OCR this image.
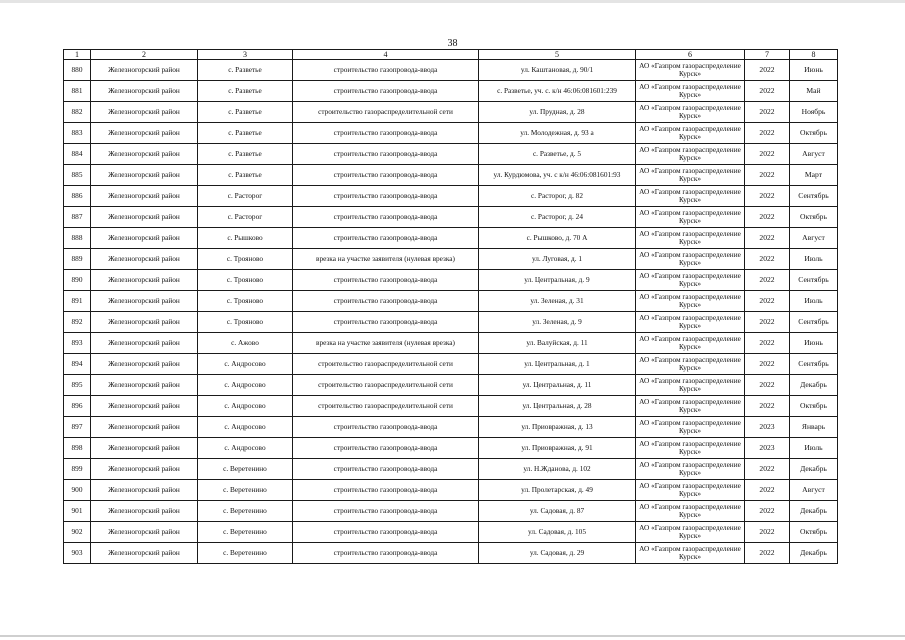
38
1	2	3	4	5	6	7	8
880	Железногорский район	с. Разветье	строительство газопровода-ввода	ул. Каштановая, д. 90/1	АО «Газпром газораспределение Курск»	2022	Июнь
881	Железногорский район	с. Разветье	строительство газопровода-ввода	с. Разветье, уч. с. к/н 46:06:081601:239	АО «Газпром газораспределение Курск»	2022	Май
882	Железногорский район	с. Разветье	строительство газораспределительной сети	ул. Прудная, д. 28	АО «Газпром газораспределение Курск»	2022	Ноябрь
883	Железногорский район	с. Разветье	строительство газопровода-ввода	ул. Молодежная, д. 93 а	АО «Газпром газораспределение Курск»	2022	Октябрь
884	Железногорский район	с. Разветье	строительство газопровода-ввода	с. Разветье, д. 5	АО «Газпром газораспределение Курск»	2022	Август
885	Железногорский район	с. Разветье	строительство газопровода-ввода	ул. Курдюмова, уч. с к/н 46:06:081601:93	АО «Газпром газораспределение Курск»	2022	Март
886	Железногорский район	с. Расторог	строительство газопровода-ввода	с. Расторог, д. 82	АО «Газпром газораспределение Курск»	2022	Сентябрь
887	Железногорский район	с. Расторог	строительство газопровода-ввода	с. Расторог, д. 24	АО «Газпром газораспределение Курск»	2022	Октябрь
888	Железногорский район	с. Рышково	строительство газопровода-ввода	с. Рышково, д. 70 А	АО «Газпром газораспределение Курск»	2022	Август
889	Железногорский район	с. Трояново	врезка на участке заявителя (нулевая врезка)	ул. Луговая, д. 1	АО «Газпром газораспределение Курск»	2022	Июль
890	Железногорский район	с. Трояново	строительство газопровода-ввода	ул. Центральная, д. 9	АО «Газпром газораспределение Курск»	2022	Сентябрь
891	Железногорский район	с. Трояново	строительство газопровода-ввода	ул. Зеленая, д. 31	АО «Газпром газораспределение Курск»	2022	Июль
892	Железногорский район	с. Трояново	строительство газопровода-ввода	ул. Зеленая, д. 9	АО «Газпром газораспределение Курск»	2022	Сентябрь
893	Железногорский район	с. Ажово	врезка на участке заявителя (нулевая врезка)	ул. Валуйская, д. 11	АО «Газпром газораспределение Курск»	2022	Июнь
894	Железногорский район	с. Андросово	строительство газораспределительной сети	ул. Центральная, д. 1	АО «Газпром газораспределение Курск»	2022	Сентябрь
895	Железногорский район	с. Андросово	строительство газораспределительной сети	ул. Центральная, д. 11	АО «Газпром газораспределение Курск»	2022	Декабрь
896	Железногорский район	с. Андросово	строительство газораспределительной сети	ул. Центральная, д. 28	АО «Газпром газораспределение Курск»	2022	Октябрь
897	Железногорский район	с. Андросово	строительство газопровода-ввода	ул. Приовражная, д. 13	АО «Газпром газораспределение Курск»	2023	Январь
898	Железногорский район	с. Андросово	строительство газопровода-ввода	ул. Приовражная, д. 91	АО «Газпром газораспределение Курск»	2023	Июль
899	Железногорский район	с. Веретенино	строительство газопровода-ввода	ул. Н.Жданова, д. 102	АО «Газпром газораспределение Курск»	2022	Декабрь
900	Железногорский район	с. Веретенино	строительство газопровода-ввода	ул. Пролетарская, д. 49	АО «Газпром газораспределение Курск»	2022	Август
901	Железногорский район	с. Веретенино	строительство газопровода-ввода	ул. Садовая, д. 87	АО «Газпром газораспределение Курск»	2022	Декабрь
902	Железногорский район	с. Веретенино	строительство газопровода-ввода	ул. Садовая, д. 105	АО «Газпром газораспределение Курск»	2022	Октябрь
903	Железногорский район	с. Веретенино	строительство газопровода-ввода	ул. Садовая, д. 29	АО «Газпром газораспределение Курск»	2022	Декабрь
